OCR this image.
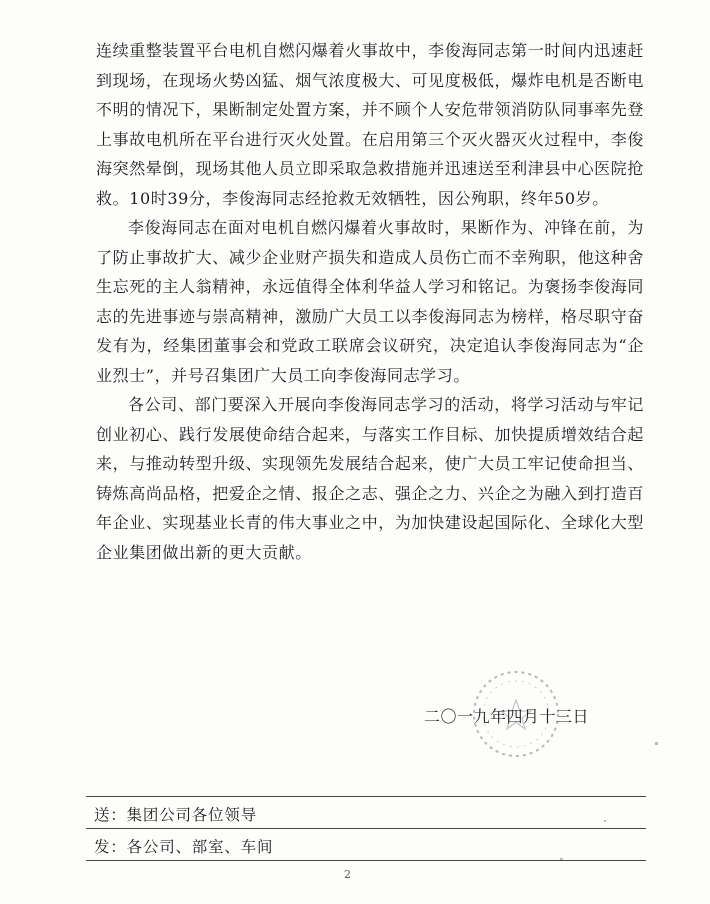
连续重整装置平台电机自燃闪爆着火事故中，李俊海同志第一时间内迅速赶到现场，在现场火势凶猛、烟气浓度极大、可见度极低，爆炸电机是否断电不明的情况下，果断制定处置方案，并不顾个人安危带领消防队同事率先登上事故电机所在平台进行灭火处置。在启用第三个灭火器灭火过程中，李俊海突然晕倒，现场其他人员立即采取急救措施并迅速送至利津县中心医院抢救。10时39分，李俊海同志经抢救无效牺牲，因公殉职，终年50岁。

李俊海同志在面对电机自燃闪爆着火事故时，果断作为、冲锋在前，为了防止事故扩大、减少企业财产损失和造成人员伤亡而不幸殉职，他这种舍生忘死的主人翁精神，永远值得全体利华益人学习和铭记。为褒扬李俊海同志的先进事迹与崇高精神，激励广大员工以李俊海同志为榜样，格尽职守奋发有为，经集团董事会和党政工联席会议研究，决定追认李俊海同志为“企业烈士”，并号召集团广大员工向李俊海同志学习。

各公司、部门要深入开展向李俊海同志学习的活动，将学习活动与牢记创业初心、践行发展使命结合起来，与落实工作目标、加快提质增效结合起来，与推动转型升级、实现领先发展结合起来，使广大员工牢记使命担当、铸炼高尚品格，把爱企之情、报企之志、强企之力、兴企之为融入到打造百年企业、实现基业长青的伟大事业之中，为加快建设起国际化、全球化大型企业集团做出新的更大贡献。

二〇一九年四月十三日
送：集团公司各位领导
发：各公司、部室、车间
2
